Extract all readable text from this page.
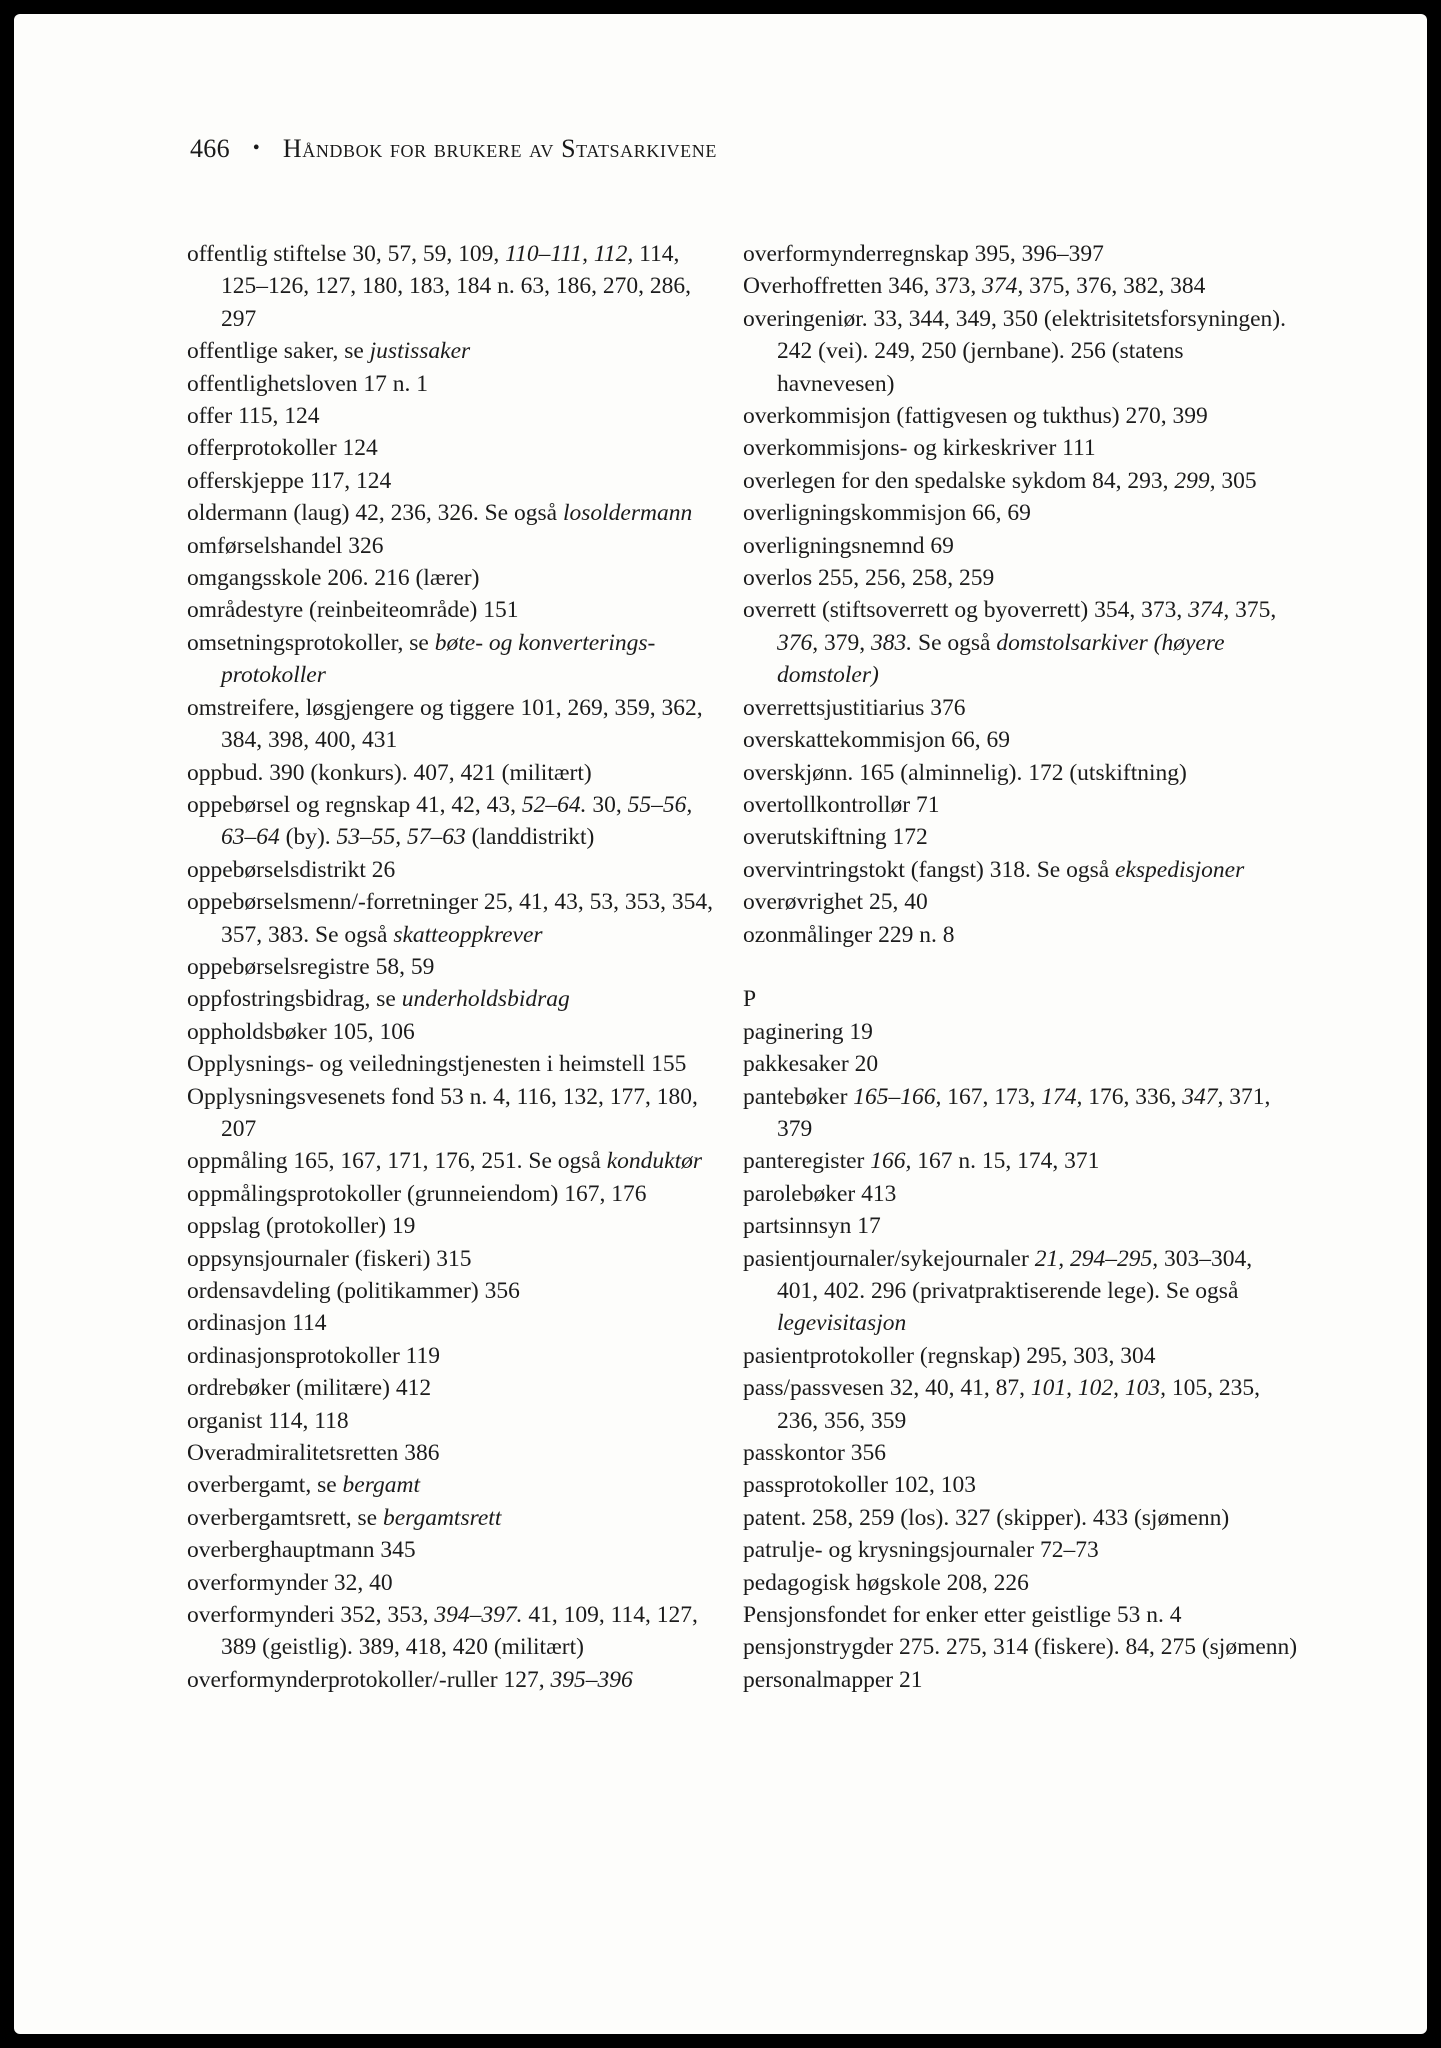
466 • Håndbok for brukere av Statsarkivene
offentlig stiftelse 30, 57, 59, 109, 110–111, 112, 114, 125–126, 127, 180, 183, 184 n. 63, 186, 270, 286, 297
offentlige saker, se justissaker
offentlighetsloven 17 n. 1
offer 115, 124
offerprotokoller 124
offerskjeppe 117, 124
oldermann (laug) 42, 236, 326. Se også losoldermann
omførselshandel 326
omgangsskole 206. 216 (lærer)
områdestyre (reinbeiteområde) 151
omsetningsprotokoller, se bøte- og konverteringsprotokoller
omstreifere, løsgjengere og tiggere 101, 269, 359, 362, 384, 398, 400, 431
oppbud. 390 (konkurs). 407, 421 (militært)
oppebørsel og regnskap 41, 42, 43, 52–64. 30, 55–56, 63–64 (by). 53–55, 57–63 (landdistrikt)
oppebørselsdistrikt 26
oppebørselsmenn/-forretninger 25, 41, 43, 53, 353, 354, 357, 383. Se også skatteoppkrever
oppebørselsregistre 58, 59
oppfostringsbidrag, se underholdsbidrag
oppholdsbøker 105, 106
Opplysnings- og veiledningstjenesten i heimstell 155
Opplysningsvesenets fond 53 n. 4, 116, 132, 177, 180, 207
oppmåling 165, 167, 171, 176, 251. Se også konduktør
oppmålingsprotokoller (grunneiendom) 167, 176
oppslag (protokoller) 19
oppsynsjournaler (fiskeri) 315
ordensavdeling (politikammer) 356
ordinasjon 114
ordinasjonsprotokoller 119
ordrebøker (militære) 412
organist 114, 118
Overadmiralitetsretten 386
overbergamt, se bergamt
overbergamtsrett, se bergamtsrett
overberghauptmann 345
overformynder 32, 40
overformynderi 352, 353, 394–397. 41, 109, 114, 127, 389 (geistlig). 389, 418, 420 (militært)
overformynderprotokoller/-ruller 127, 395–396
overformynderregnskap 395, 396–397
Overhoffretten 346, 373, 374, 375, 376, 382, 384
overingeniør. 33, 344, 349, 350 (elektrisitetsforsyningen). 242 (vei). 249, 250 (jernbane). 256 (statens havnevesen)
overkommisjon (fattigvesen og tukthus) 270, 399
overkommisjons- og kirkeskriver 111
overlegen for den spedalske sykdom 84, 293, 299, 305
overligningskommisjon 66, 69
overligningsnemnd 69
overlos 255, 256, 258, 259
overrett (stiftsoverrett og byoverrett) 354, 373, 374, 375, 376, 379, 383. Se også domstolsarkiver (høyere domstoler)
overrettsjustitiarius 376
overskattekommisjon 66, 69
overskjønn. 165 (alminnelig). 172 (utskiftning)
overtollkontrollør 71
overutskiftning 172
overvintringstokt (fangst) 318. Se også ekspedisjoner
overøvrighet 25, 40
ozonmålinger 229 n. 8
P
paginering 19
pakkesaker 20
pantebøker 165–166, 167, 173, 174, 176, 336, 347, 371, 379
panteregister 166, 167 n. 15, 174, 371
parolebøker 413
partsinnsyn 17
pasientjournaler/sykejournaler 21, 294–295, 303–304, 401, 402. 296 (privatpraktiserende lege). Se også legevisitasjon
pasientprotokoller (regnskap) 295, 303, 304
pass/passvesen 32, 40, 41, 87, 101, 102, 103, 105, 235, 236, 356, 359
passkontor 356
passprotokoller 102, 103
patent. 258, 259 (los). 327 (skipper). 433 (sjømenn)
patrulje- og krysningsjournaler 72–73
pedagogisk høgskole 208, 226
Pensjonsfondet for enker etter geistlige 53 n. 4
pensjonstrygder 275. 275, 314 (fiskere). 84, 275 (sjømenn)
personalmapper 21
